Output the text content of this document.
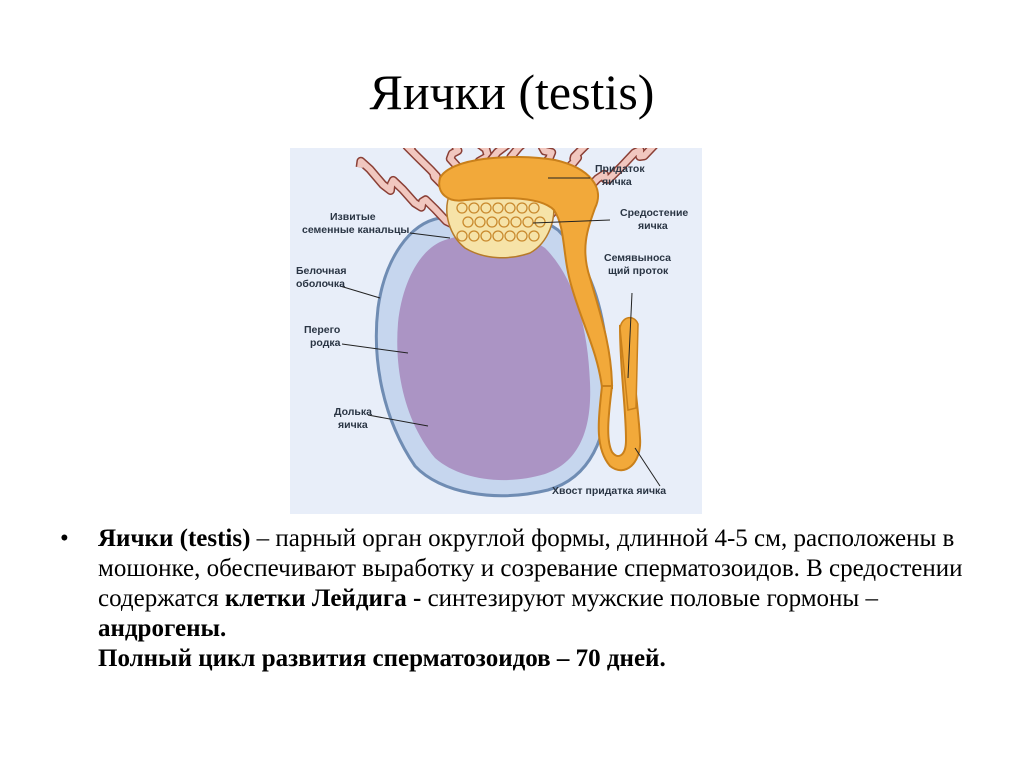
Яички (testis)
Придаток яичка
Средостение яичка
Семявыноса щий проток
Извитые семенные канальцы
Белочная оболочка
Перего родка
Долька яичка
Хвост придатка яичка
•	Яички (testis) – парный орган округлой формы, длинной 4-5 см, расположены в мошонке, обеспечивают выработку и созревание сперматозоидов. В средостении содержатся клетки Лейдига - синтезируют мужские половые гормоны – андрогены.
Полный цикл развития сперматозоидов – 70 дней.
